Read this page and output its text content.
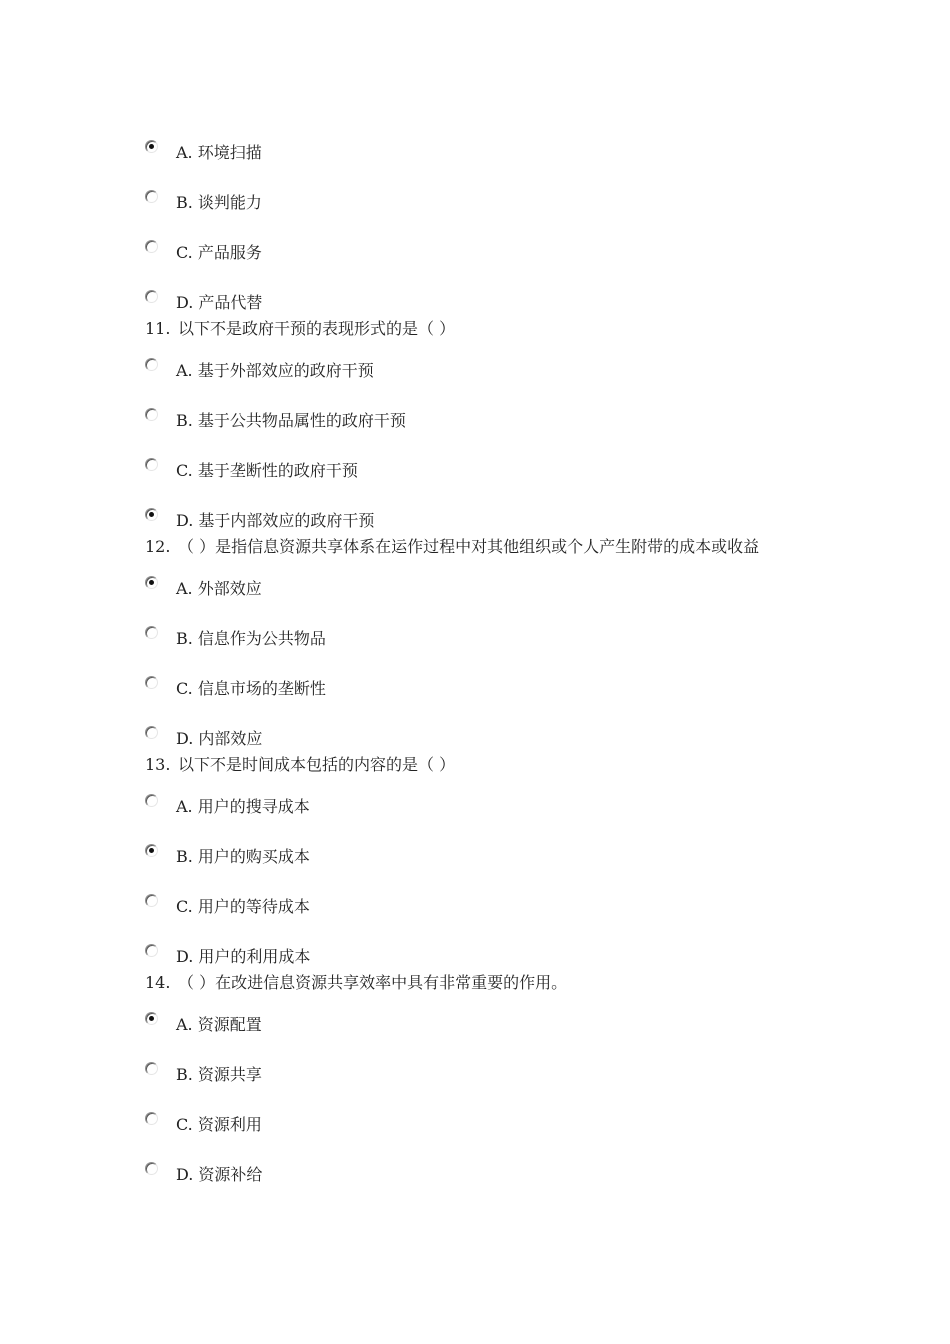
A. 环境扫描
B. 谈判能力
C. 产品服务
D. 产品代替
11. 以下不是政府干预的表现形式的是（ ）
A. 基于外部效应的政府干预
B. 基于公共物品属性的政府干预
C. 基于垄断性的政府干预
D. 基于内部效应的政府干预
12. （ ）是指信息资源共享体系在运作过程中对其他组织或个人产生附带的成本或收益
A. 外部效应
B. 信息作为公共物品
C. 信息市场的垄断性
D. 内部效应
13. 以下不是时间成本包括的内容的是（ ）
A. 用户的搜寻成本
B. 用户的购买成本
C. 用户的等待成本
D. 用户的利用成本
14. （ ）在改进信息资源共享效率中具有非常重要的作用。
A. 资源配置
B. 资源共享
C. 资源利用
D. 资源补给
